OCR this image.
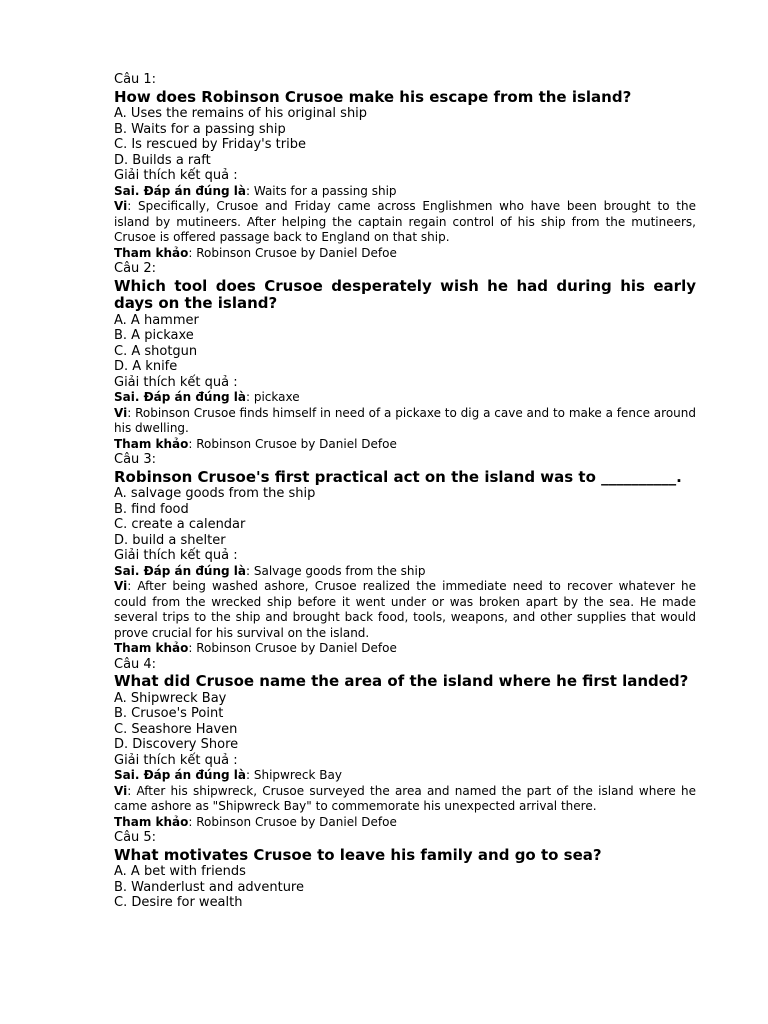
Câu 1:
How does Robinson Crusoe make his escape from the island?
A. Uses the remains of his original ship
B. Waits for a passing ship
C. Is rescued by Friday's tribe
D. Builds a raft
Giải thích kết quả :
Sai. Đáp án đúng là: Waits for a passing ship
Vi: Specifically, Crusoe and Friday came across Englishmen who have been brought to the island by mutineers. After helping the captain regain control of his ship from the mutineers, Crusoe is offered passage back to England on that ship.
Tham khảo: Robinson Crusoe by Daniel Defoe
Câu 2:
Which tool does Crusoe desperately wish he had during his early days on the island?
A. A hammer
B. A pickaxe
C. A shotgun
D. A knife
Giải thích kết quả :
Sai. Đáp án đúng là: pickaxe
Vi: Robinson Crusoe finds himself in need of a pickaxe to dig a cave and to make a fence around his dwelling.
Tham khảo: Robinson Crusoe by Daniel Defoe
Câu 3:
Robinson Crusoe's first practical act on the island was to __________.
A. salvage goods from the ship
B. find food
C. create a calendar
D. build a shelter
Giải thích kết quả :
Sai. Đáp án đúng là: Salvage goods from the ship
Vi: After being washed ashore, Crusoe realized the immediate need to recover whatever he could from the wrecked ship before it went under or was broken apart by the sea. He made several trips to the ship and brought back food, tools, weapons, and other supplies that would prove crucial for his survival on the island.
Tham khảo: Robinson Crusoe by Daniel Defoe
Câu 4:
What did Crusoe name the area of the island where he first landed?
A. Shipwreck Bay
B. Crusoe's Point
C. Seashore Haven
D. Discovery Shore
Giải thích kết quả :
Sai. Đáp án đúng là: Shipwreck Bay
Vi: After his shipwreck, Crusoe surveyed the area and named the part of the island where he came ashore as "Shipwreck Bay" to commemorate his unexpected arrival there.
Tham khảo: Robinson Crusoe by Daniel Defoe
Câu 5:
What motivates Crusoe to leave his family and go to sea?
A. A bet with friends
B. Wanderlust and adventure
C. Desire for wealth
